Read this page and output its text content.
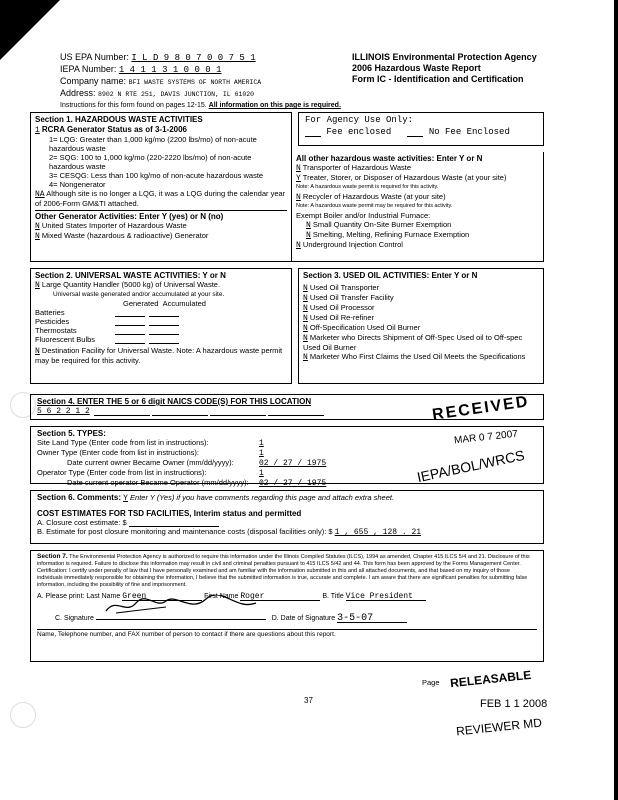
US EPA Number: I L D 9 8 0 7 0 0 7 5 1
IEPA Number: 1 4 1 1 3 1 0 0 0 1
Company name: BFI WASTE SYSTEMS OF NORTH AMERICA
Address: 8902 N RTE 251, DAVIS JUNCTION, IL 61020
Instructions for this form found on pages 12-15. All information on this page is required.
ILLINOIS Environmental Protection Agency
2006 Hazardous Waste Report
Form IC - Identification and Certification
Section 1. HAZARDOUS WASTE ACTIVITIES
1 RCRA Generator Status as of 3-1-2006
1= LQG: Greater than 1,000 kg/mo (2200 lbs/mo) of non-acute hazardous waste
2= SQG: 100 to 1,000 kg/mo (220-2220 lbs/mo) of non-acute hazardous waste
3= CESQG: Less than 100 kg/mo of non-acute hazardous waste
4= Nongenerator
NA Although site is no longer a LQG, it was a LQG during the calendar year of 2006-Form GM&TI attached.
Other Generator Activities: Enter Y (yes) or N (no)
N United States Importer of Hazardous Waste
N Mixed Waste (hazardous & radioactive) Generator
For Agency Use Only:
Fee enclosed	No Fee Enclosed
All other hazardous waste activities: Enter Y or N
N Transporter of Hazardous Waste
Y Treater, Storer, or Disposer of Hazardous Waste (at your site)
Note: A hazardous waste permit is required for this activity.
N Recycler of Hazardous Waste (at your site)
Note: A hazardous waste permit may be required for this activity.
Exempt Boiler and/or Industrial Furnace:
N Small Quantity On-Site Burner Exemption
N Smelting, Melting, Refining Furnace Exemption
N Underground Injection Control
Section 2. UNIVERSAL WASTE ACTIVITIES: Y or N
N Large Quantity Handler (5000 kg) of Universal Waste.
Universal waste generated and/or accumulated at your site.
Generated Accumulated
Batteries
Pesticides
Thermostats
Fluorescent Bulbs
N Destination Facility for Universal Waste. Note: A hazardous waste permit may be required for this activity.
Section 3. USED OIL ACTIVITIES: Enter Y or N
N Used Oil Transporter
N Used Oil Transfer Facility
N Used Oil Processor
N Used Oil Re-refiner
N Off-Specification Used Oil Burner
N Marketer who Directs Shipment of Off-Spec Used oil to Off-spec Used Oil Burner
N Marketer Who First Claims the Used Oil Meets the Specifications
Section 4. ENTER THE 5 or 6 digit NAICS CODE(S) FOR THIS LOCATION
5 6 2 2 1 2
Section 5. TYPES:
Site Land Type (Enter code from list in instructions):	1
Owner Type (Enter code from list in instructions):	1
Date current owner Became Owner (mm/dd/yyyy):	02 / 27 / 1975
Operator Type (Enter code from list in instructions):	1
Date current operator Became Operator (mm/dd/yyyy): 02 / 27 / 1975
Section 6. Comments: Y Enter Y (Yes) if you have comments regarding this page and attach extra sheet.
COST ESTIMATES FOR TSD FACILITIES, Interim status and permitted
A. Closure cost estimate: $
B. Estimate for post closure monitoring and maintenance costs (disposal facilities only): $ 1 , 655 , 128 . 21
Section 7. The Environmental Protection Agency is authorized to require this information under the Illinois Compiled Statutes (ILCS), 1994 as amended, Chapter 415 ILCS 5/4 and 21. Disclosure of this information is required. Failure to disclose this information may result in civil and criminal penalties pursuant to 415 ILCS 5/42 and 44. This form has been approved by the Forms Management Center. Certification: I certify under penalty of law that I have personally examined and am familiar with the information submitted in this and all attached documents, and that based on my inquiry of those individuals immediately responsible for obtaining the information, I believe that the submitted information is true, accurate and complete. I am aware that there are significant penalties for submitting false information, including the possibility of fine and imprisonment.
A. Please print: Last Name Green	First Name Roger	B. Title Vice President
C. Signature	D. Date of Signature 3-5-07
Name, Telephone number, and FAX number of person to contact if there are questions about this report.
Page
37
RECEIVED
MAR 0 7 2007
IEPA/BOL/WRCS
RELEASABLE
FEB 1 1 2008
REVIEWER MD
